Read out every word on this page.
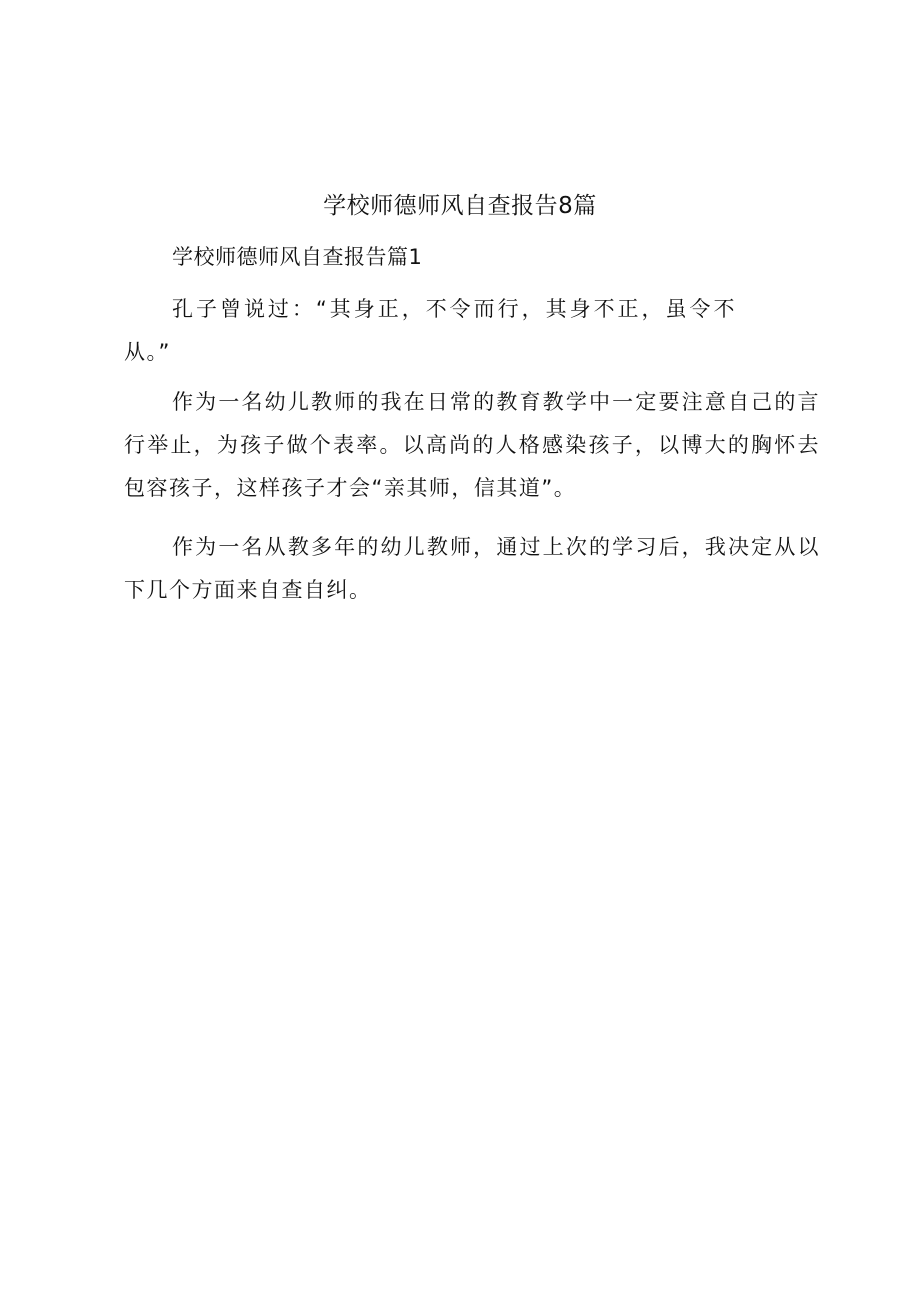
学校师德师风自查报告8篇
学校师德师风自查报告篇1

孔子曾说过：“其身正，不令而行，其身不正，虽令不从。”

作为一名幼儿教师的我在日常的教育教学中一定要注意自己的言行举止，为孩子做个表率。以高尚的人格感染孩子，以博大的胸怀去包容孩子，这样孩子才会“亲其师，信其道”。

作为一名从教多年的幼儿教师，通过上次的学习后，我决定从以下几个方面来自查自纠。
